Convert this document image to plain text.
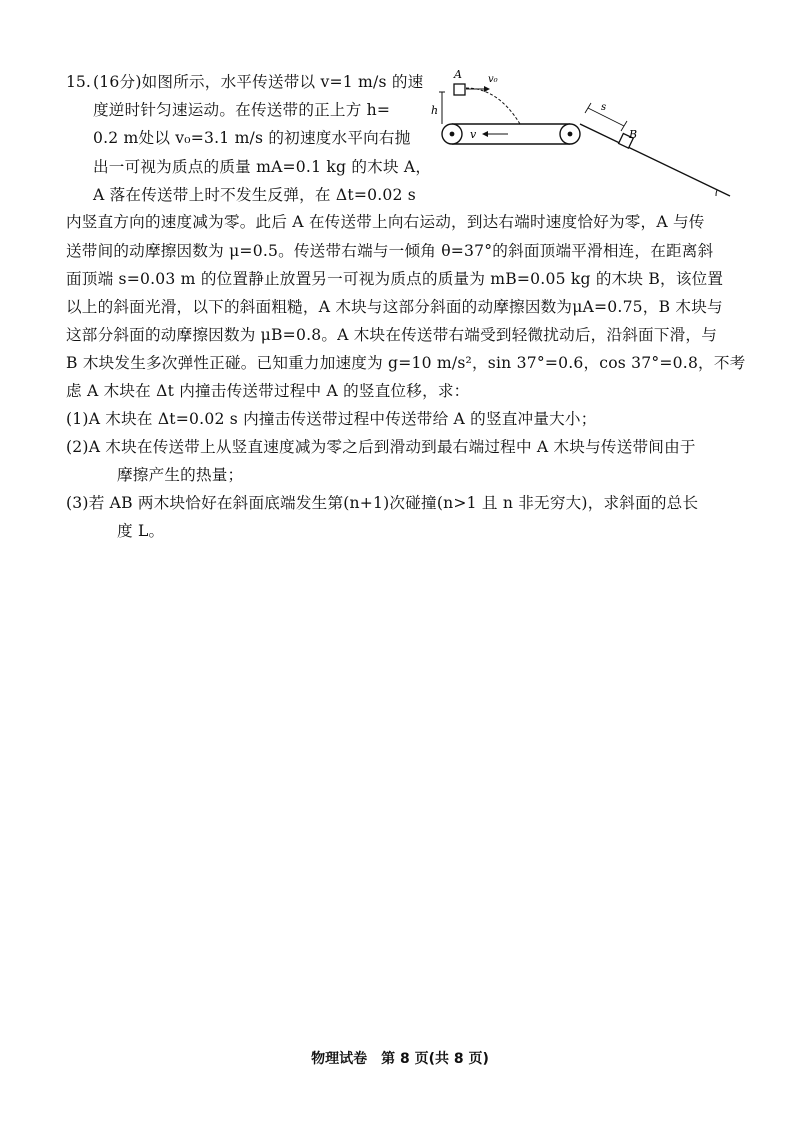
15. (16分)如图所示，水平传送带以 v=1 m/s 的速
度逆时针匀速运动。在传送带的正上方 h=
0.2 m处以 v₀=3.1 m/s 的初速度水平向右抛
出一可视为质点的质量 mA=0.1 kg 的木块 A，
A 落在传送带上时不发生反弹，在 Δt=0.02 s
内竖直方向的速度减为零。此后 A 在传送带上向右运动，到达右端时速度恰好为零，A 与传
送带间的动摩擦因数为 μ=0.5。传送带右端与一倾角 θ=37°的斜面顶端平滑相连，在距离斜
面顶端 s=0.03 m 的位置静止放置另一可视为质点的质量为 mB=0.05 kg 的木块 B，该位置
以上的斜面光滑，以下的斜面粗糙，A 木块与这部分斜面的动摩擦因数为μA=0.75，B 木块与
这部分斜面的动摩擦因数为 μB=0.8。A 木块在传送带右端受到轻微扰动后，沿斜面下滑，与
B 木块发生多次弹性正碰。已知重力加速度为 g=10 m/s²，sin 37°=0.6，cos 37°=0.8，不考
虑 A 木块在 Δt 内撞击传送带过程中 A 的竖直位移，求：
(1)A 木块在 Δt=0.02 s 内撞击传送带过程中传送带给 A 的竖直冲量大小；
(2)A 木块在传送带上从竖直速度减为零之后到滑动到最右端过程中 A 木块与传送带间由于
摩擦产生的热量；
(3)若 AB 两木块恰好在斜面底端发生第(n+1)次碰撞(n>1 且 n 非无穷大)，求斜面的总长
度 L。
A	v₀
h
v	B
s
物理试卷　第 8 页(共 8 页)
